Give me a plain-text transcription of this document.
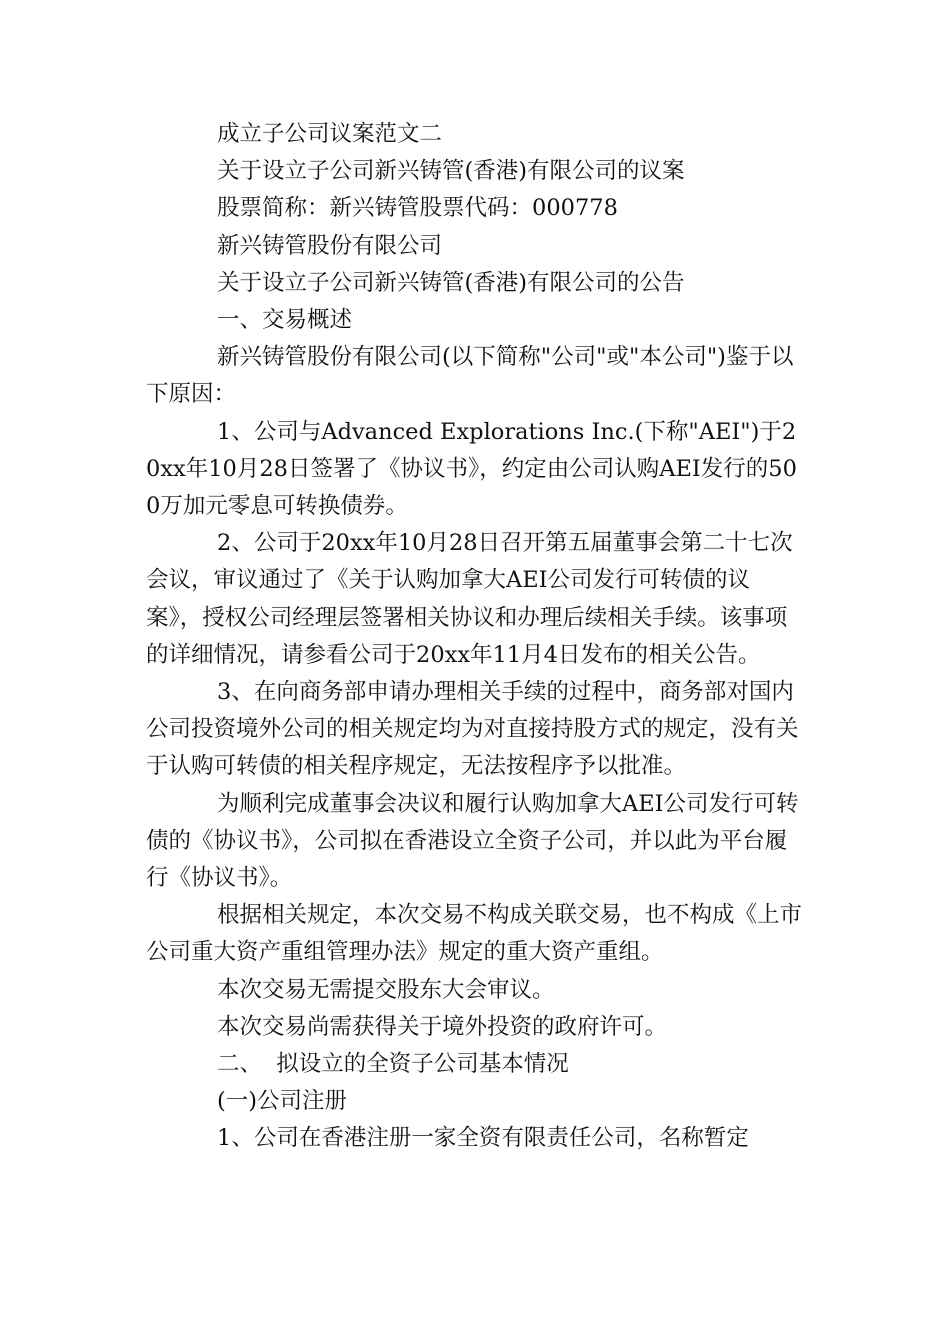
成立子公司议案范文二

关于设立子公司新兴铸管(香港)有限公司的议案

股票简称：新兴铸管股票代码：000778

新兴铸管股份有限公司

关于设立子公司新兴铸管(香港)有限公司的公告

一、交易概述

新兴铸管股份有限公司(以下简称"公司"或"本公司")鉴于以下原因：

1、公司与Advanced Explorations Inc.(下称"AEI")于20xx年10月28日签署了《协议书》，约定由公司认购AEI发行的500万加元零息可转换债券。

2、公司于20xx年10月28日召开第五届董事会第二十七次会议，审议通过了《关于认购加拿大AEI公司发行可转债的议案》，授权公司经理层签署相关协议和办理后续相关手续。该事项的详细情况，请参看公司于20xx年11月4日发布的相关公告。

3、在向商务部申请办理相关手续的过程中，商务部对国内公司投资境外公司的相关规定均为对直接持股方式的规定，没有关于认购可转债的相关程序规定，无法按程序予以批准。

为顺利完成董事会决议和履行认购加拿大AEI公司发行可转债的《协议书》，公司拟在香港设立全资子公司，并以此为平台履行《协议书》。

根据相关规定，本次交易不构成关联交易，也不构成《上市公司重大资产重组管理办法》规定的重大资产重组。

本次交易无需提交股东大会审议。

本次交易尚需获得关于境外投资的政府许可。

二、  拟设立的全资子公司基本情况

(一)公司注册

1、公司在香港注册一家全资有限责任公司，名称暂定
